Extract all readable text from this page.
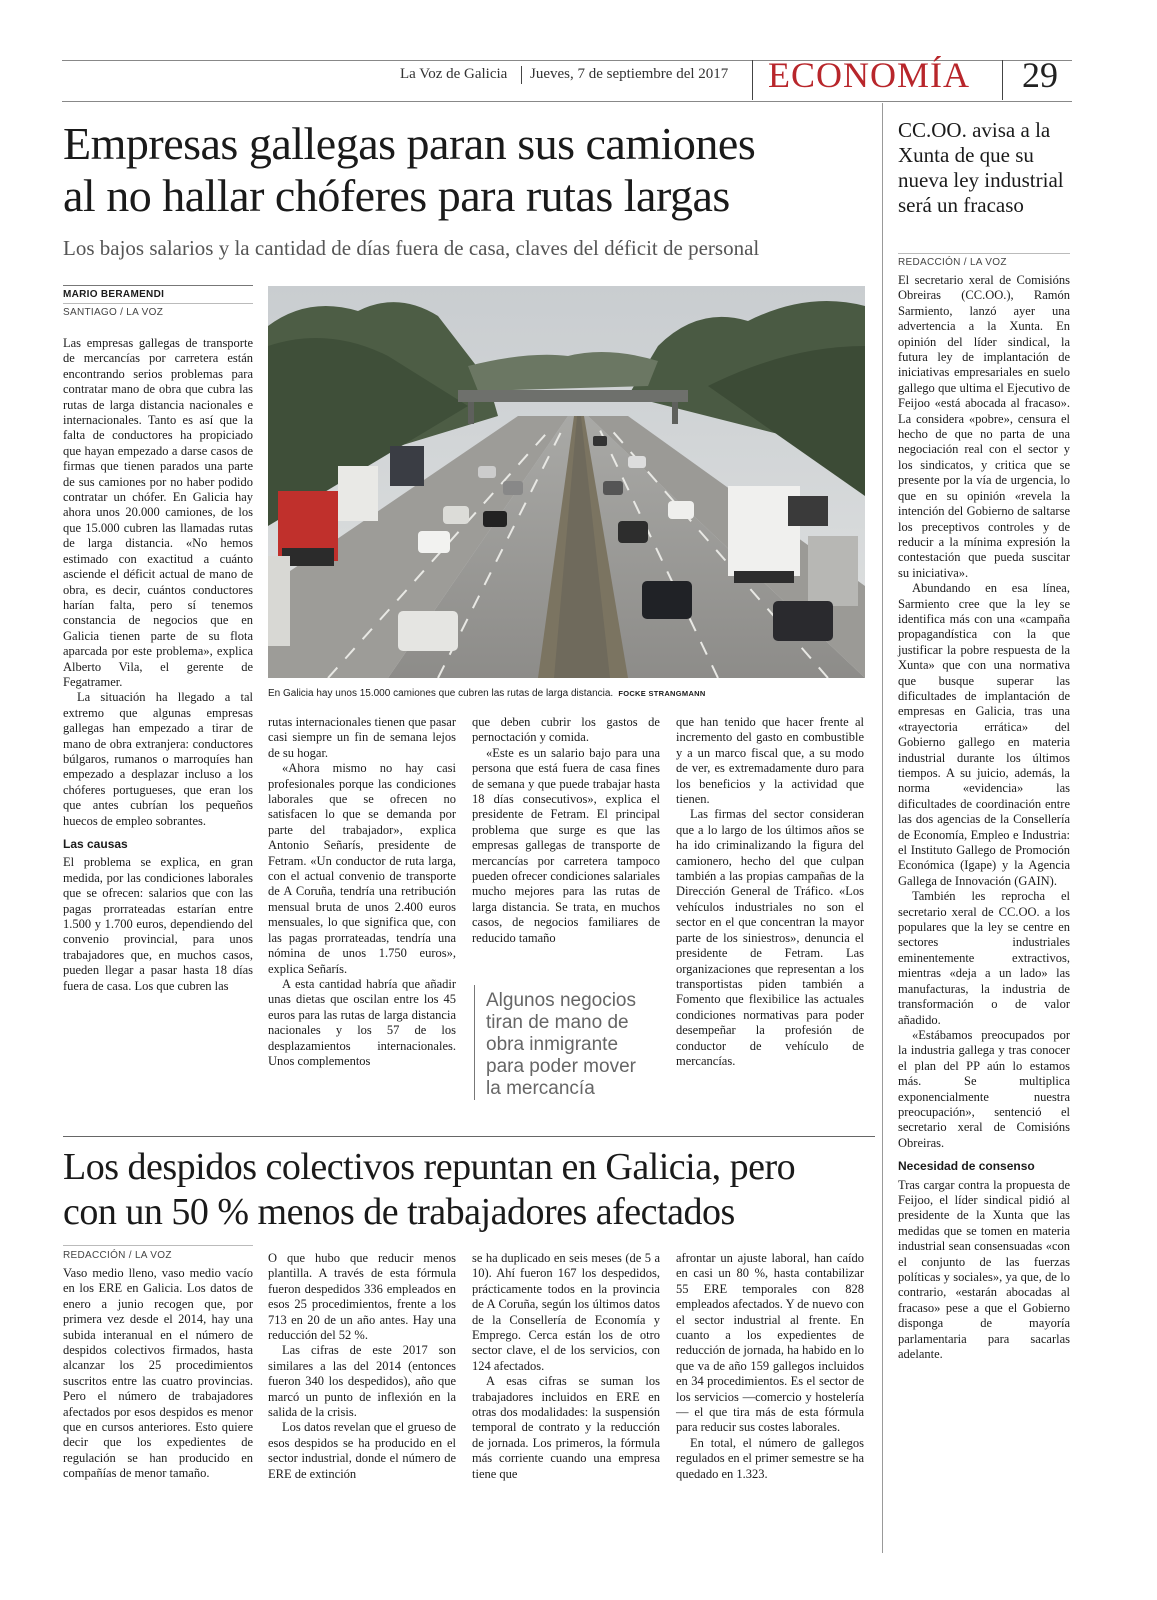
La Voz de Galicia Jueves, 7 de septiembre del 2017 ECONOMÍA 29
Empresas gallegas paran sus camiones
al no hallar chóferes para rutas largas
Los bajos salarios y la cantidad de días fuera de casa, claves del déficit de personal
MARIO BERAMENDI
SANTIAGO / LA VOZ
En Galicia hay unos 15.000 camiones que cubren las rutas de larga distancia. FOCKE STRANGMANN

Las empresas gallegas de transporte de mercancías por carretera están encontrando serios problemas para contratar mano de obra que cubra las rutas de larga distancia nacionales e internacionales. Tanto es así que la falta de conductores ha propiciado que hayan empezado a darse casos de firmas que tienen parados una parte de sus camiones por no haber podido contratar un chófer. En Galicia hay ahora unos 20.000 camiones, de los que 15.000 cubren las llamadas rutas de larga distancia. «No hemos estimado con exactitud a cuánto asciende el déficit actual de mano de obra, es decir, cuántos conductores harían falta, pero sí tenemos constancia de negocios que en Galicia tienen parte de su flota aparcada por este problema», explica Alberto Vila, el gerente de Fegatramer.

La situación ha llegado a tal extremo que algunas empresas gallegas han empezado a tirar de mano de obra extranjera: conductores búlgaros, rumanos o marroquíes han empezado a desplazar incluso a los chóferes portugueses, que eran los que antes cubrían los pequeños huecos de empleo sobrantes.

Las causas

El problema se explica, en gran medida, por las condiciones laborales que se ofrecen: salarios que con las pagas prorrateadas estarían entre 1.500 y 1.700 euros, dependiendo del convenio provincial, para unos trabajadores que, en muchos casos, pueden llegar a pasar hasta 18 días fuera de casa. Los que cubren las

rutas internacionales tienen que pasar casi siempre un fin de semana lejos de su hogar.

«Ahora mismo no hay casi profesionales porque las condiciones laborales que se ofrecen no satisfacen lo que se demanda por parte del trabajador», explica Antonio Señarís, presidente de Fetram. «Un conductor de ruta larga, con el actual convenio de transporte de A Coruña, tendría una retribución mensual bruta de unos 2.400 euros mensuales, lo que significa que, con las pagas prorrateadas, tendría una nómina de unos 1.750 euros», explica Señarís.

A esta cantidad habría que añadir unas dietas que oscilan entre los 45 euros para las rutas de larga distancia nacionales y los 57 de los desplazamientos internacionales. Unos complementos

que deben cubrir los gastos de pernoctación y comida.

«Este es un salario bajo para una persona que está fuera de casa fines de semana y que puede trabajar hasta 18 días consecutivos», explica el presidente de Fetram. El principal problema que surge es que las empresas gallegas de transporte de mercancías por carretera tampoco pueden ofrecer condiciones salariales mucho mejores para las rutas de larga distancia. Se trata, en muchos casos, de negocios familiares de reducido tamaño

Algunos negocios tiran de mano de obra inmigrante para poder mover la mercancía

que han tenido que hacer frente al incremento del gasto en combustible y a un marco fiscal que, a su modo de ver, es extremadamente duro para los beneficios y la actividad que tienen.

Las firmas del sector consideran que a lo largo de los últimos años se ha ido criminalizando la figura del camionero, hecho del que culpan también a las propias campañas de la Dirección General de Tráfico. «Los vehículos industriales no son el sector en el que concentran la mayor parte de los siniestros», denuncia el presidente de Fetram. Las organizaciones que representan a los transportistas piden también a Fomento que flexibilice las actuales condiciones normativas para poder desempeñar la profesión de conductor de vehículo de mercancías.

Los despidos colectivos repuntan en Galicia, pero
con un 50 % menos de trabajadores afectados
REDACCIÓN / LA VOZ

Vaso medio lleno, vaso medio vacío en los ERE en Galicia. Los datos de enero a junio recogen que, por primera vez desde el 2014, hay una subida interanual en el número de despidos colectivos firmados, hasta alcanzar los 25 procedimientos suscritos entre las cuatro provincias. Pero el número de trabajadores afectados por esos despidos es menor que en cursos anteriores. Esto quiere decir que los expedientes de regulación se han producido en compañías de menor tamaño.

O que hubo que reducir menos plantilla. A través de esta fórmula fueron despedidos 336 empleados en esos 25 procedimientos, frente a los 713 en 20 de un año antes. Hay una reducción del 52 %.

Las cifras de este 2017 son similares a las del 2014 (entonces fueron 340 los despedidos), año que marcó un punto de inflexión en la salida de la crisis.

Los datos revelan que el grueso de esos despidos se ha producido en el sector industrial, donde el número de ERE de extinción

se ha duplicado en seis meses (de 5 a 10). Ahí fueron 167 los despedidos, prácticamente todos en la provincia de A Coruña, según los últimos datos de la Consellería de Economía y Emprego. Cerca están los de otro sector clave, el de los servicios, con 124 afectados.

A esas cifras se suman los trabajadores incluidos en ERE en otras dos modalidades: la suspensión temporal de contrato y la reducción de jornada. Los primeros, la fórmula más corriente cuando una empresa tiene que

afrontar un ajuste laboral, han caído en casi un 80 %, hasta contabilizar 55 ERE temporales con 828 empleados afectados. Y de nuevo con el sector industrial al frente. En cuanto a los expedientes de reducción de jornada, ha habido en lo que va de año 159 gallegos incluidos en 34 procedimientos. Es el sector de los servicios —comercio y hostelería— el que tira más de esta fórmula para reducir sus costes laborales.

En total, el número de gallegos regulados en el primer semestre se ha quedado en 1.323.

CC.OO. avisa a la Xunta de que su nueva ley industrial será un fracaso
REDACCIÓN / LA VOZ

El secretario xeral de Comisións Obreiras (CC.OO.), Ramón Sarmiento, lanzó ayer una advertencia a la Xunta. En opinión del líder sindical, la futura ley de implantación de iniciativas empresariales en suelo gallego que ultima el Ejecutivo de Feijoo «está abocada al fracaso». La considera «pobre», censura el hecho de que no parta de una negociación real con el sector y los sindicatos, y critica que se presente por la vía de urgencia, lo que en su opinión «revela la intención del Gobierno de saltarse los preceptivos controles y de reducir a la mínima expresión la contestación que pueda suscitar su iniciativa».

Abundando en esa línea, Sarmiento cree que la ley se identifica más con una «campaña propagandística con la que justificar la pobre respuesta de la Xunta» que con una normativa que busque superar las dificultades de implantación de empresas en Galicia, tras una «trayectoria errática» del Gobierno gallego en materia industrial durante los últimos tiempos. A su juicio, además, la norma «evidencia» las dificultades de coordinación entre las dos agencias de la Consellería de Economía, Empleo e Industria: el Instituto Gallego de Promoción Económica (Igape) y la Agencia Gallega de Innovación (GAIN).

También les reprocha el secretario xeral de CC.OO. a los populares que la ley se centre en sectores industriales eminentemente extractivos, mientras «deja a un lado» las manufacturas, la industria de transformación o de valor añadido.

«Estábamos preocupados por la industria gallega y tras conocer el plan del PP aún lo estamos más. Se multiplica exponencialmente nuestra preocupación», sentenció el secretario xeral de Comisións Obreiras.

Necesidad de consenso

Tras cargar contra la propuesta de Feijoo, el líder sindical pidió al presidente de la Xunta que las medidas que se tomen en materia industrial sean consensuadas «con el conjunto de las fuerzas políticas y sociales», ya que, de lo contrario, «estarán abocadas al fracaso» pese a que el Gobierno disponga de mayoría parlamentaria para sacarlas adelante.
